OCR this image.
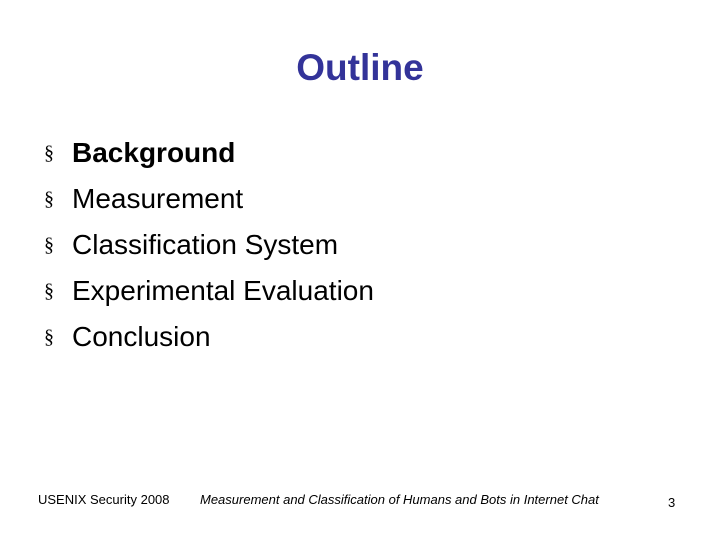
Outline
§ Background
§ Measurement
§ Classification System
§ Experimental Evaluation
§ Conclusion
USENIX Security 2008 Measurement and Classification of Humans and Bots in Internet Chat	3
